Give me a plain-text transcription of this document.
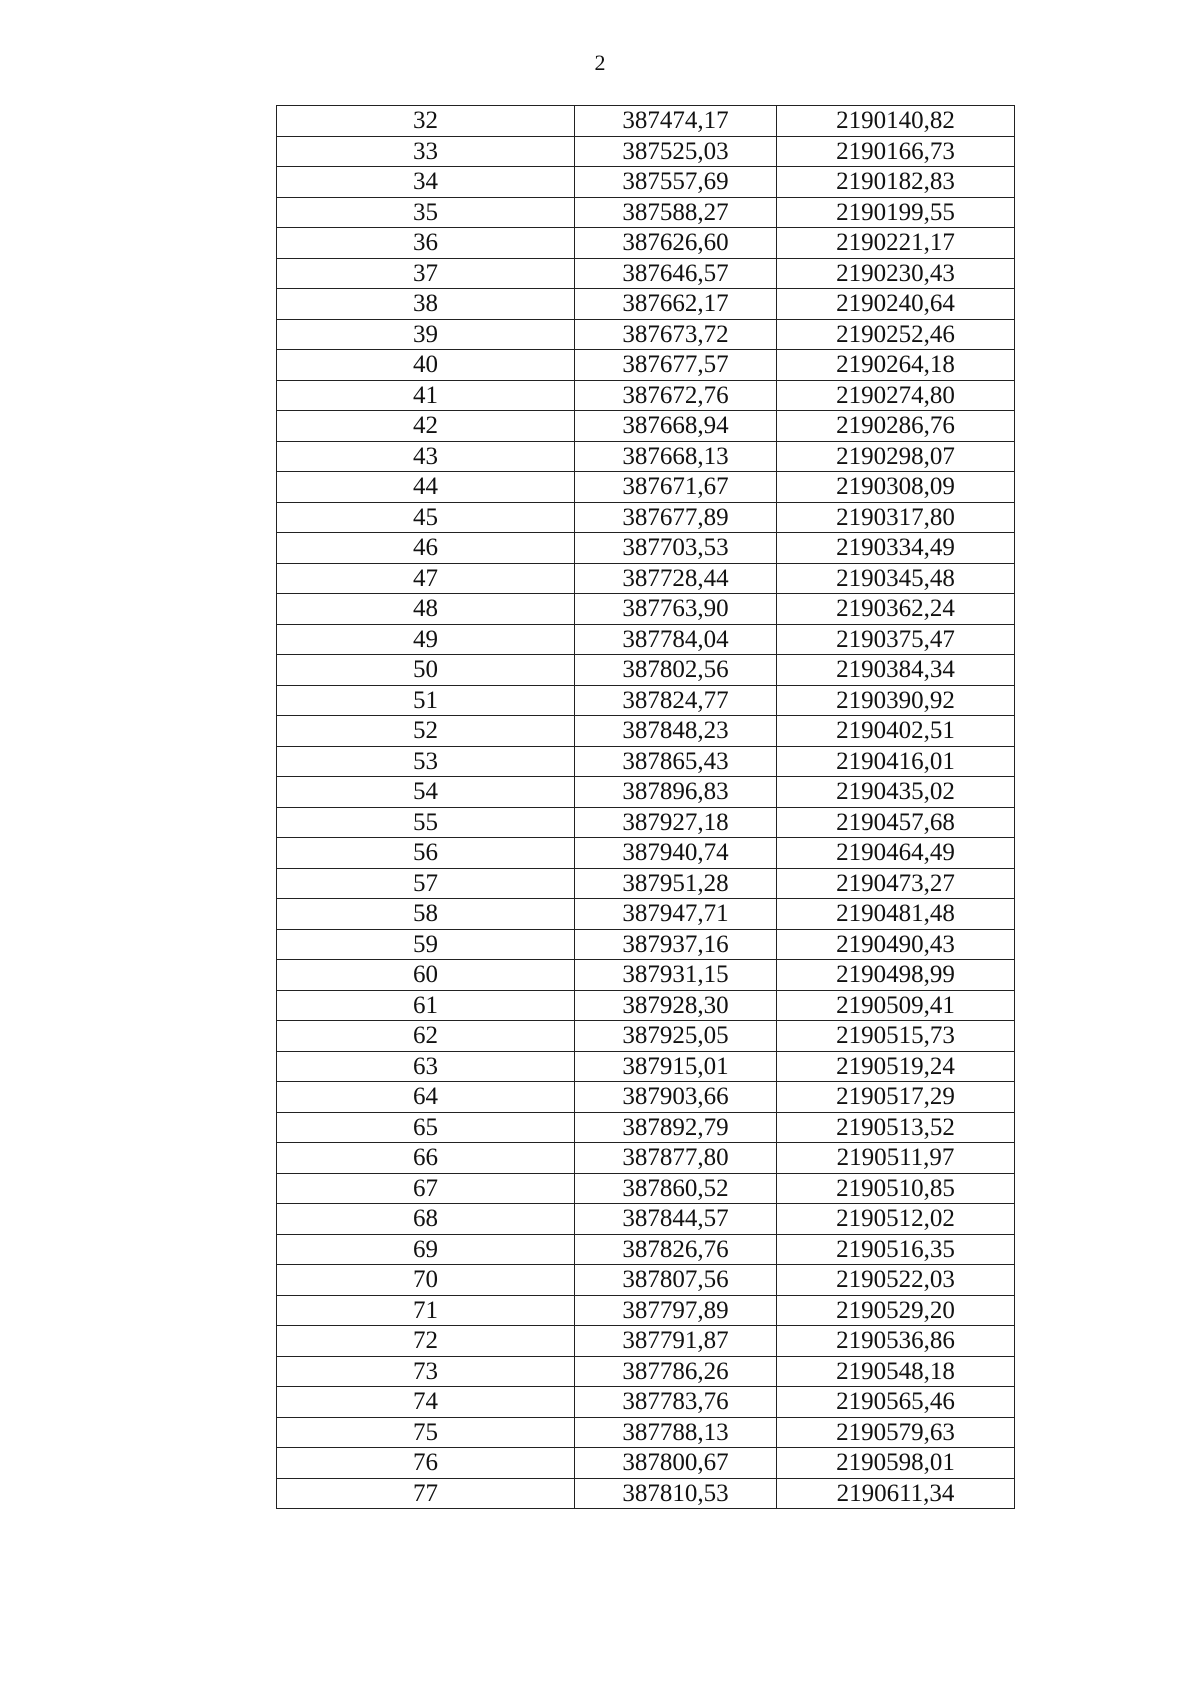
2
32	387474,17	2190140,82
33	387525,03	2190166,73
34	387557,69	2190182,83
35	387588,27	2190199,55
36	387626,60	2190221,17
37	387646,57	2190230,43
38	387662,17	2190240,64
39	387673,72	2190252,46
40	387677,57	2190264,18
41	387672,76	2190274,80
42	387668,94	2190286,76
43	387668,13	2190298,07
44	387671,67	2190308,09
45	387677,89	2190317,80
46	387703,53	2190334,49
47	387728,44	2190345,48
48	387763,90	2190362,24
49	387784,04	2190375,47
50	387802,56	2190384,34
51	387824,77	2190390,92
52	387848,23	2190402,51
53	387865,43	2190416,01
54	387896,83	2190435,02
55	387927,18	2190457,68
56	387940,74	2190464,49
57	387951,28	2190473,27
58	387947,71	2190481,48
59	387937,16	2190490,43
60	387931,15	2190498,99
61	387928,30	2190509,41
62	387925,05	2190515,73
63	387915,01	2190519,24
64	387903,66	2190517,29
65	387892,79	2190513,52
66	387877,80	2190511,97
67	387860,52	2190510,85
68	387844,57	2190512,02
69	387826,76	2190516,35
70	387807,56	2190522,03
71	387797,89	2190529,20
72	387791,87	2190536,86
73	387786,26	2190548,18
74	387783,76	2190565,46
75	387788,13	2190579,63
76	387800,67	2190598,01
77	387810,53	2190611,34
